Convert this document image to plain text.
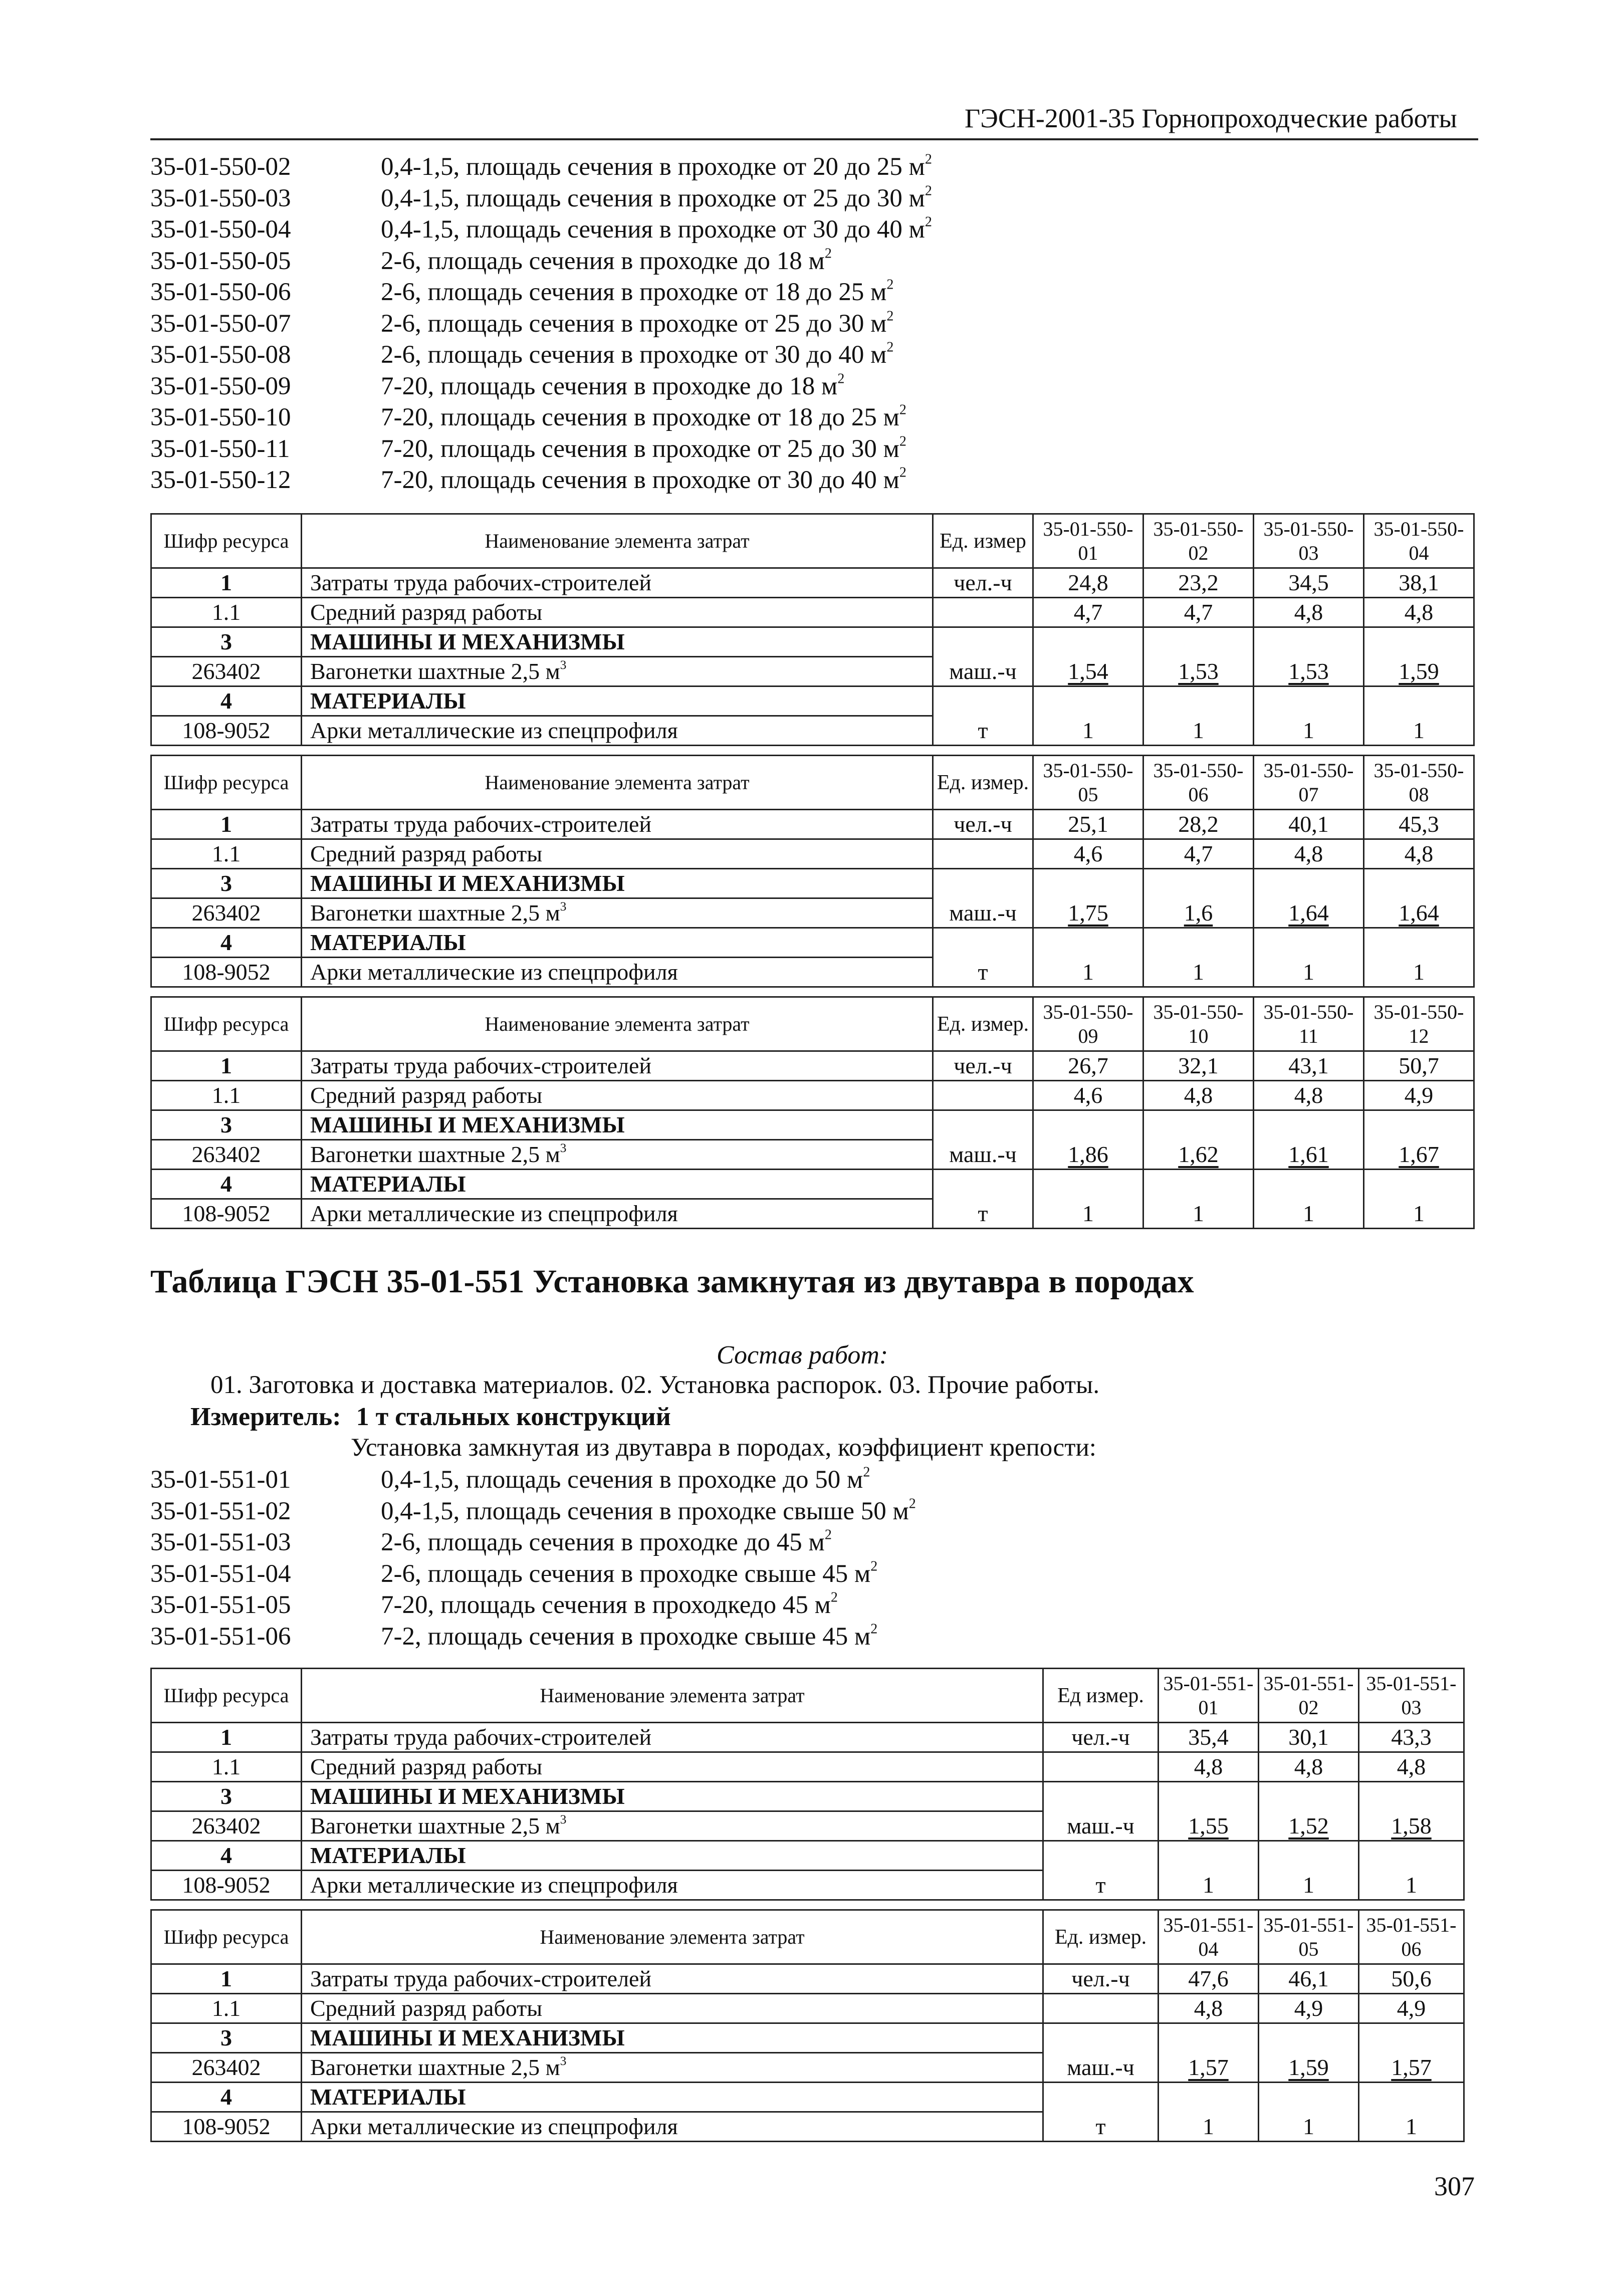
ГЭСН-2001-35 Горнопроходческие работы
35-01-550-02	0,4-1,5, площадь сечения в проходке от 20 до 25 $м^2$
35-01-550-03	0,4-1,5, площадь сечения в проходке от 25 до 30 $м^2$
35-01-550-04	0,4-1,5, площадь сечения в проходке от 30 до 40 $м^2$
35-01-550-05	2-6, площадь сечения в проходке до 18 $м^2$
35-01-550-06	2-6, площадь сечения в проходке от 18 до 25 $м^2$
35-01-550-07	2-6, площадь сечения в проходке от 25 до 30 $м^2$
35-01-550-08	2-6, площадь сечения в проходке от 30 до 40 $м^2$
35-01-550-09	7-20, площадь сечения в проходке до 18 $м^2$
35-01-550-10	7-20, площадь сечения в проходке от 18 до 25 $м^2$
35-01-550-11	7-20, площадь сечения в проходке от 25 до 30 $м^2$
35-01-550-12	7-20, площадь сечения в проходке от 30 до 40 $м^2$
Шифр ресурса	Наименование элемента затрат	Ед. измер	35-01-550-01	35-01-550-02	35-01-550-03	35-01-550-04
1	Затраты труда рабочих-строителей	чел.-ч	24,8	23,2	34,5	38,1
1.1	Средний разряд работы		4,7	4,7	4,8	4,8
3	МАШИНЫ И МЕХАНИЗМЫ	маш.-ч	1,54	1,53	1,53	1,59
263402	Вагонетки шахтные 2,5 $м^3$
4	МАТЕРИАЛЫ	т	1	1	1	1
108-9052	Арки металлические из спецпрофиля					
Шифр ресурса	Наименование элемента затрат	Ед. измер.	35-01-550-05	35-01-550-06	35-01-550-07	35-01-550-08
1	Затраты труда рабочих-строителей	чел.-ч	25,1	28,2	40,1	45,3
1.1	Средний разряд работы		4,6	4,7	4,8	4,8
3	МАШИНЫ И МЕХАНИЗМЫ	маш.-ч	1,75	1,6	1,64	1,64
263402	Вагонетки шахтные 2,5 $м^3$
4	МАТЕРИАЛЫ	т	1	1	1	1
108-9052	Арки металлические из спецпрофиля					
Шифр ресурса	Наименование элемента затрат	Ед. измер.	35-01-550-09	35-01-550-10	35-01-550-11	35-01-550-12
1	Затраты труда рабочих-строителей	чел.-ч	26,7	32,1	43,1	50,7
1.1	Средний разряд работы		4,6	4,8	4,8	4,9
3	МАШИНЫ И МЕХАНИЗМЫ	маш.-ч	1,86	1,62	1,61	1,67
263402	Вагонетки шахтные 2,5 $м^3$
4	МАТЕРИАЛЫ	т	1	1	1	1
108-9052	Арки металлические из спецпрофиля					
Таблица ГЭСН 35-01-551 Установка замкнутая из двутавра в породах
Состав работ:
01. Заготовка и доставка материалов. 02. Установка распорок. 03. Прочие работы.
Измеритель: 1 т стальных конструкций
Установка замкнутая из двутавра в породах, коэффициент крепости:
35-01-551-01	0,4-1,5, площадь сечения в проходке до 50 $м^2$
35-01-551-02	0,4-1,5, площадь сечения в проходке свыше 50 $м^2$
35-01-551-03	2-6, площадь сечения в проходке до 45 $м^2$
35-01-551-04	2-6, площадь сечения в проходке свыше 45 $м^2$
35-01-551-05	7-20, площадь сечения в проходкедо 45 $м^2$
35-01-551-06	7-2, площадь сечения в проходке свыше 45 $м^2$
Шифр ресурса	Наименование элемента затрат	Ед измер.	35-01-551-01	35-01-551-02	35-01-551-03
1	Затраты труда рабочих-строителей	чел.-ч	35,4	30,1	43,3
1.1	Средний разряд работы		4,8	4,8	4,8
3	МАШИНЫ И МЕХАНИЗМЫ	маш.-ч	1,55	1,52	1,58
263402	Вагонетки шахтные 2,5 $м^3$
4	МАТЕРИАЛЫ	т	1	1	1
108-9052	Арки металлические из спецпрофиля				
Шифр ресурса	Наименование элемента затрат	Ед. измер.	35-01-551-04	35-01-551-05	35-01-551-06
1	Затраты труда рабочих-строителей	чел.-ч	47,6	46,1	50,6
1.1	Средний разряд работы		4,8	4,9	4,9
3	МАШИНЫ И МЕХАНИЗМЫ	маш.-ч	1,57	1,59	1,57
263402	Вагонетки шахтные 2,5 $м^3$
4	МАТЕРИАЛЫ	т	1	1	1
108-9052	Арки металлические из спецпрофиля				
307
